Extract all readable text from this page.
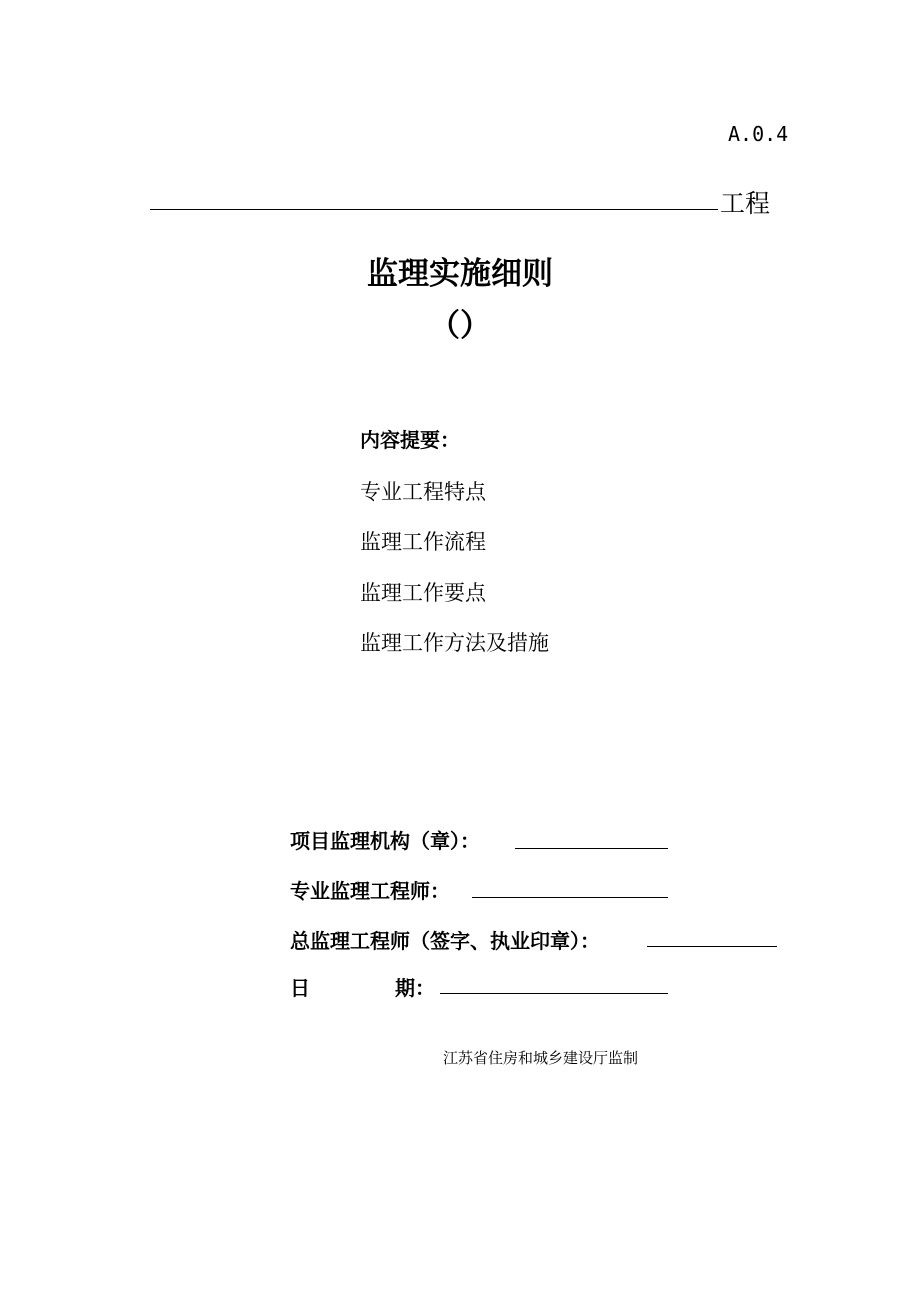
A.0.4
工程
监理实施细则
（）
内容提要：
专业工程特点
监理工作流程
监理工作要点
监理工作方法及措施
项目监理机构（章）：
专业监理工程师：
总监理工程师（签字、执业印章）：
日	期：
江苏省住房和城乡建设厅监制
